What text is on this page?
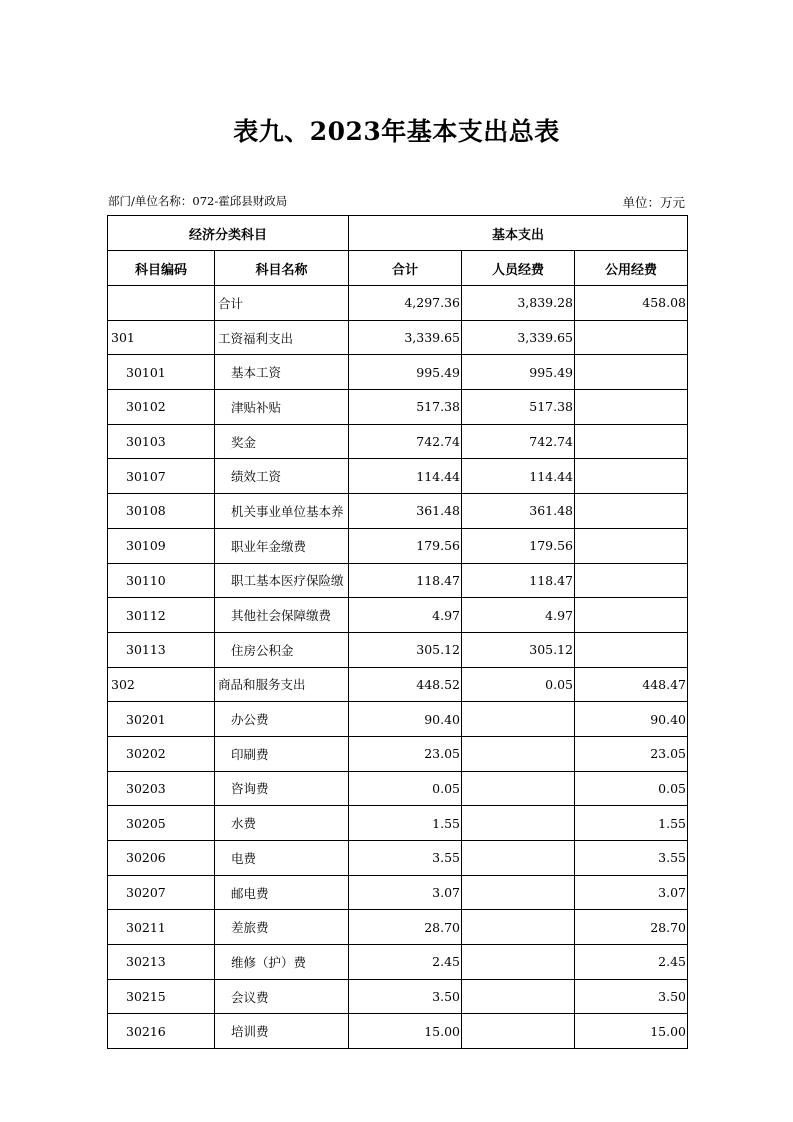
表九、2023年基本支出总表
部门/单位名称：072-霍邱县财政局	单位：万元
经济分类科目		基本支出		
科目编码	科目名称	合计	人员经费	公用经费
	合计	4,297.36	3,839.28	458.08
301	工资福利支出	3,339.65	3,339.65	
30101	基本工资	995.49	995.49	
30102	津贴补贴	517.38	517.38	
30103	奖金	742.74	742.74	
30107	绩效工资	114.44	114.44	
30108	机关事业单位基本养	361.48	361.48	
30109	职业年金缴费	179.56	179.56	
30110	职工基本医疗保险缴	118.47	118.47	
30112	其他社会保障缴费	4.97	4.97	
30113	住房公积金	305.12	305.12	
302	商品和服务支出	448.52	0.05	448.47
30201	办公费	90.40		90.40
30202	印刷费	23.05		23.05
30203	咨询费	0.05		0.05
30205	水费	1.55		1.55
30206	电费	3.55		3.55
30207	邮电费	3.07		3.07
30211	差旅费	28.70		28.70
30213	维修（护）费	2.45		2.45
30215	会议费	3.50		3.50
30216	培训费	15.00		15.00
